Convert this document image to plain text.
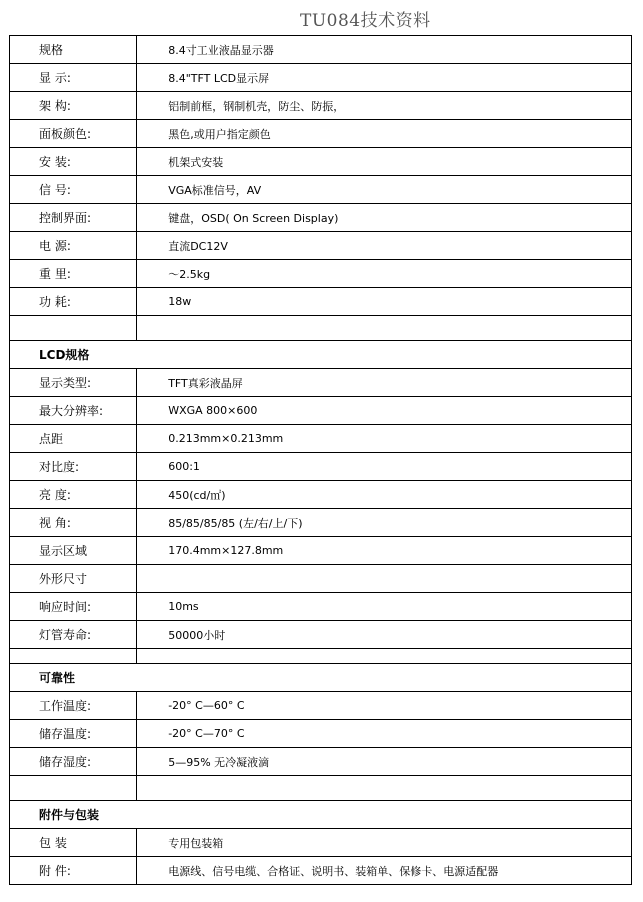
TU084技术资料
规格	8.4寸工业液晶显示器
显 示:	8.4"TFT LCD显示屏
架 构:	铝制前框，钢制机壳，防尘、防振，
面板颜色:	黑色,或用户指定颜色
安 装:	机架式安装
信 号:	VGA标准信号，AV
控制界面:	键盘，OSD( On Screen Display)
电 源:	直流DC12V
重 里:	～2.5kg
功 耗:	18w

LCD规格	
显示类型:	TFT真彩液晶屏
最大分辨率:	WXGA 800×600
点距	0.213mm×0.213mm
对比度:	600:1
亮 度:	450(cd/㎡)
视 角:	85/85/85/85 (左/右/上/下)
显示区域	170.4mm×127.8mm
外形尺寸	
响应时间:	10ms
灯管寿命:	50000小时

可靠性	
工作温度:	-20° C—60° C
储存温度:	-20° C—70° C
储存湿度:	5—95% 无冷凝液滴

附件与包装	
包 装	专用包装箱
附 件:	电源线、信号电缆、合格证、说明书、装箱单、保修卡、电源适配器
